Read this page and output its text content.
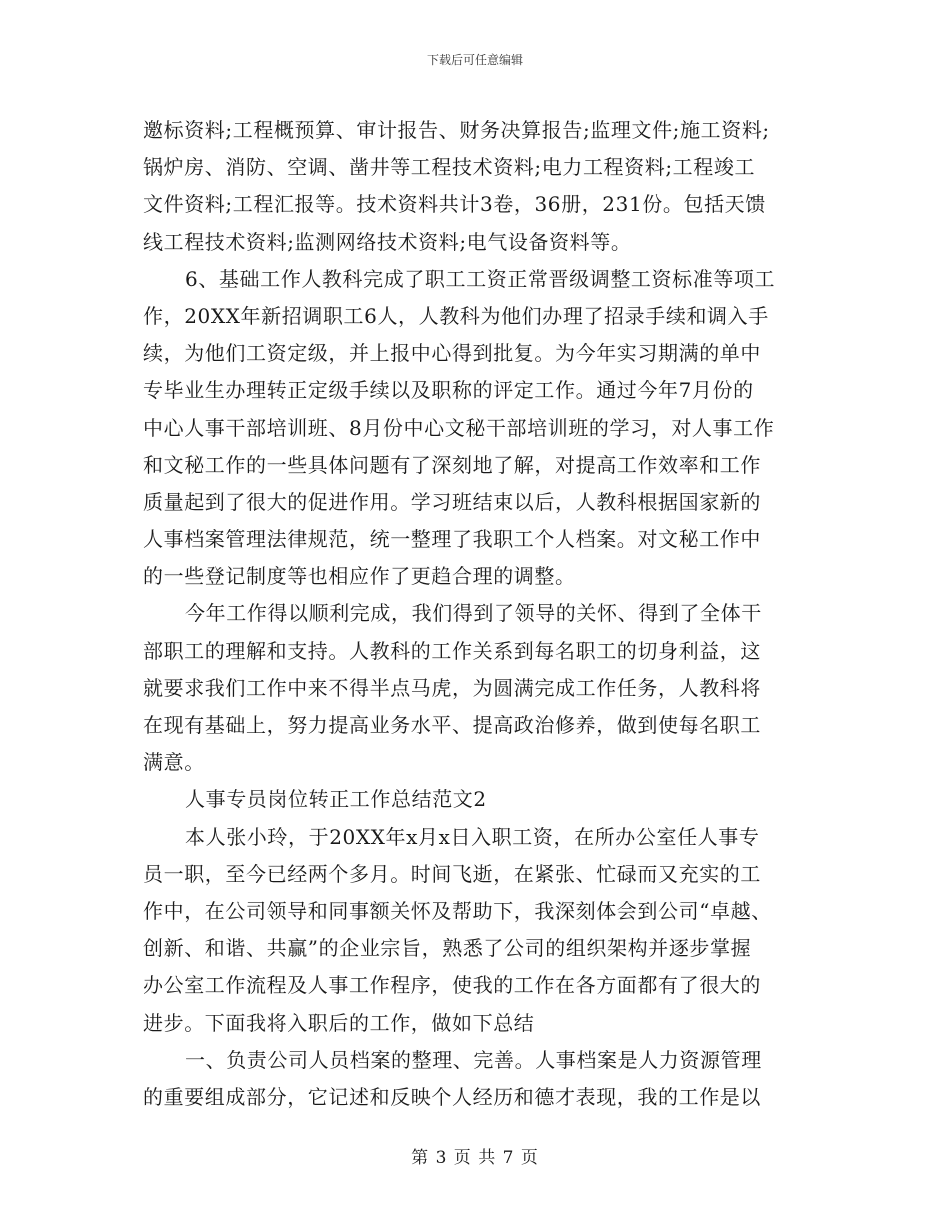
下载后可任意编辑
邀标资料;工程概预算、审计报告、财务决算报告;监理文件;施工资料;
锅炉房、消防、空调、凿井等工程技术资料;电力工程资料;工程竣工
文件资料;工程汇报等。技术资料共计3卷，36册，231份。包括天馈
线工程技术资料;监测网络技术资料;电气设备资料等。
6、基础工作人教科完成了职工工资正常晋级调整工资标准等项工
作，20XX年新招调职工6人，人教科为他们办理了招录手续和调入手
续，为他们工资定级，并上报中心得到批复。为今年实习期满的单中
专毕业生办理转正定级手续以及职称的评定工作。通过今年7月份的
中心人事干部培训班、8月份中心文秘干部培训班的学习，对人事工作
和文秘工作的一些具体问题有了深刻地了解，对提高工作效率和工作
质量起到了很大的促进作用。学习班结束以后，人教科根据国家新的
人事档案管理法律规范，统一整理了我职工个人档案。对文秘工作中
的一些登记制度等也相应作了更趋合理的调整。
今年工作得以顺利完成，我们得到了领导的关怀、得到了全体干
部职工的理解和支持。人教科的工作关系到每名职工的切身利益，这
就要求我们工作中来不得半点马虎，为圆满完成工作任务，人教科将
在现有基础上，努力提高业务水平、提高政治修养，做到使每名职工
满意。
人事专员岗位转正工作总结范文2
本人张小玲，于20XX年x月x日入职工资，在所办公室任人事专
员一职，至今已经两个多月。时间飞逝，在紧张、忙碌而又充实的工
作中，在公司领导和同事额关怀及帮助下，我深刻体会到公司“卓越、
创新、和谐、共赢”的企业宗旨，熟悉了公司的组织架构并逐步掌握
办公室工作流程及人事工作程序，使我的工作在各方面都有了很大的
进步。下面我将入职后的工作，做如下总结
一、负责公司人员档案的整理、完善。人事档案是人力资源管理
的重要组成部分，它记述和反映个人经历和德才表现，我的工作是以
第 3 页 共 7 页
